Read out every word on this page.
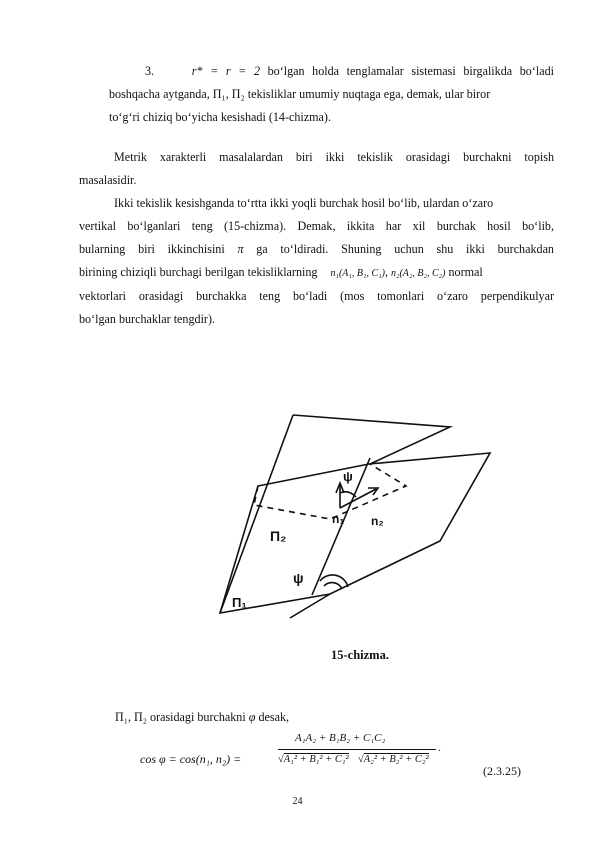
3.	r* = r = 2 bo‘lgan holda tenglamalar sistemasi birgalikda bo‘ladi
boshqacha aytganda, Π₁, Π₂ tekisliklar umumiy nuqtaga ega, demak, ular biror
to‘g‘ri chiziq bo‘yicha kesishadi (14-chizma).
Metrik xarakterli masalalardan biri ikki tekislik orasidagi burchakni topish
masalasidir.
Ikki tekislik kesishganda to‘rtta ikki yoqli burchak hosil bo‘lib, ulardan o‘zaro
vertikal bo‘lganlari teng (15-chizma). Demak, ikkita har xil burchak hosil bo‘lib,
bularning biri ikkinchisini π ga to‘ldiradi. Shuning uchun shu ikki burchakdan
birining chiziqli burchagi berilgan tekisliklarning n₁(A₁, B₁, C₁), n₂(A₂, B₂, C₂) normal
vektorlari orasidagi burchakka teng bo‘ladi (mos tomonlari o‘zaro perpendikulyar
bo‘lgan burchaklar tengdir).
ψ
n₁ n₂
Π₂
ψ
Π₁
15-chizma.
Π₁, Π₂ orasidagi burchakni φ desak,
cos φ = cos(n₁, n₂) =
A₁A₂ + B₁B₂ + C₁C₂
√A₁² + B₁² + C₁² √A₂² + B₂² + C₂²
.
(2.3.25)
24
